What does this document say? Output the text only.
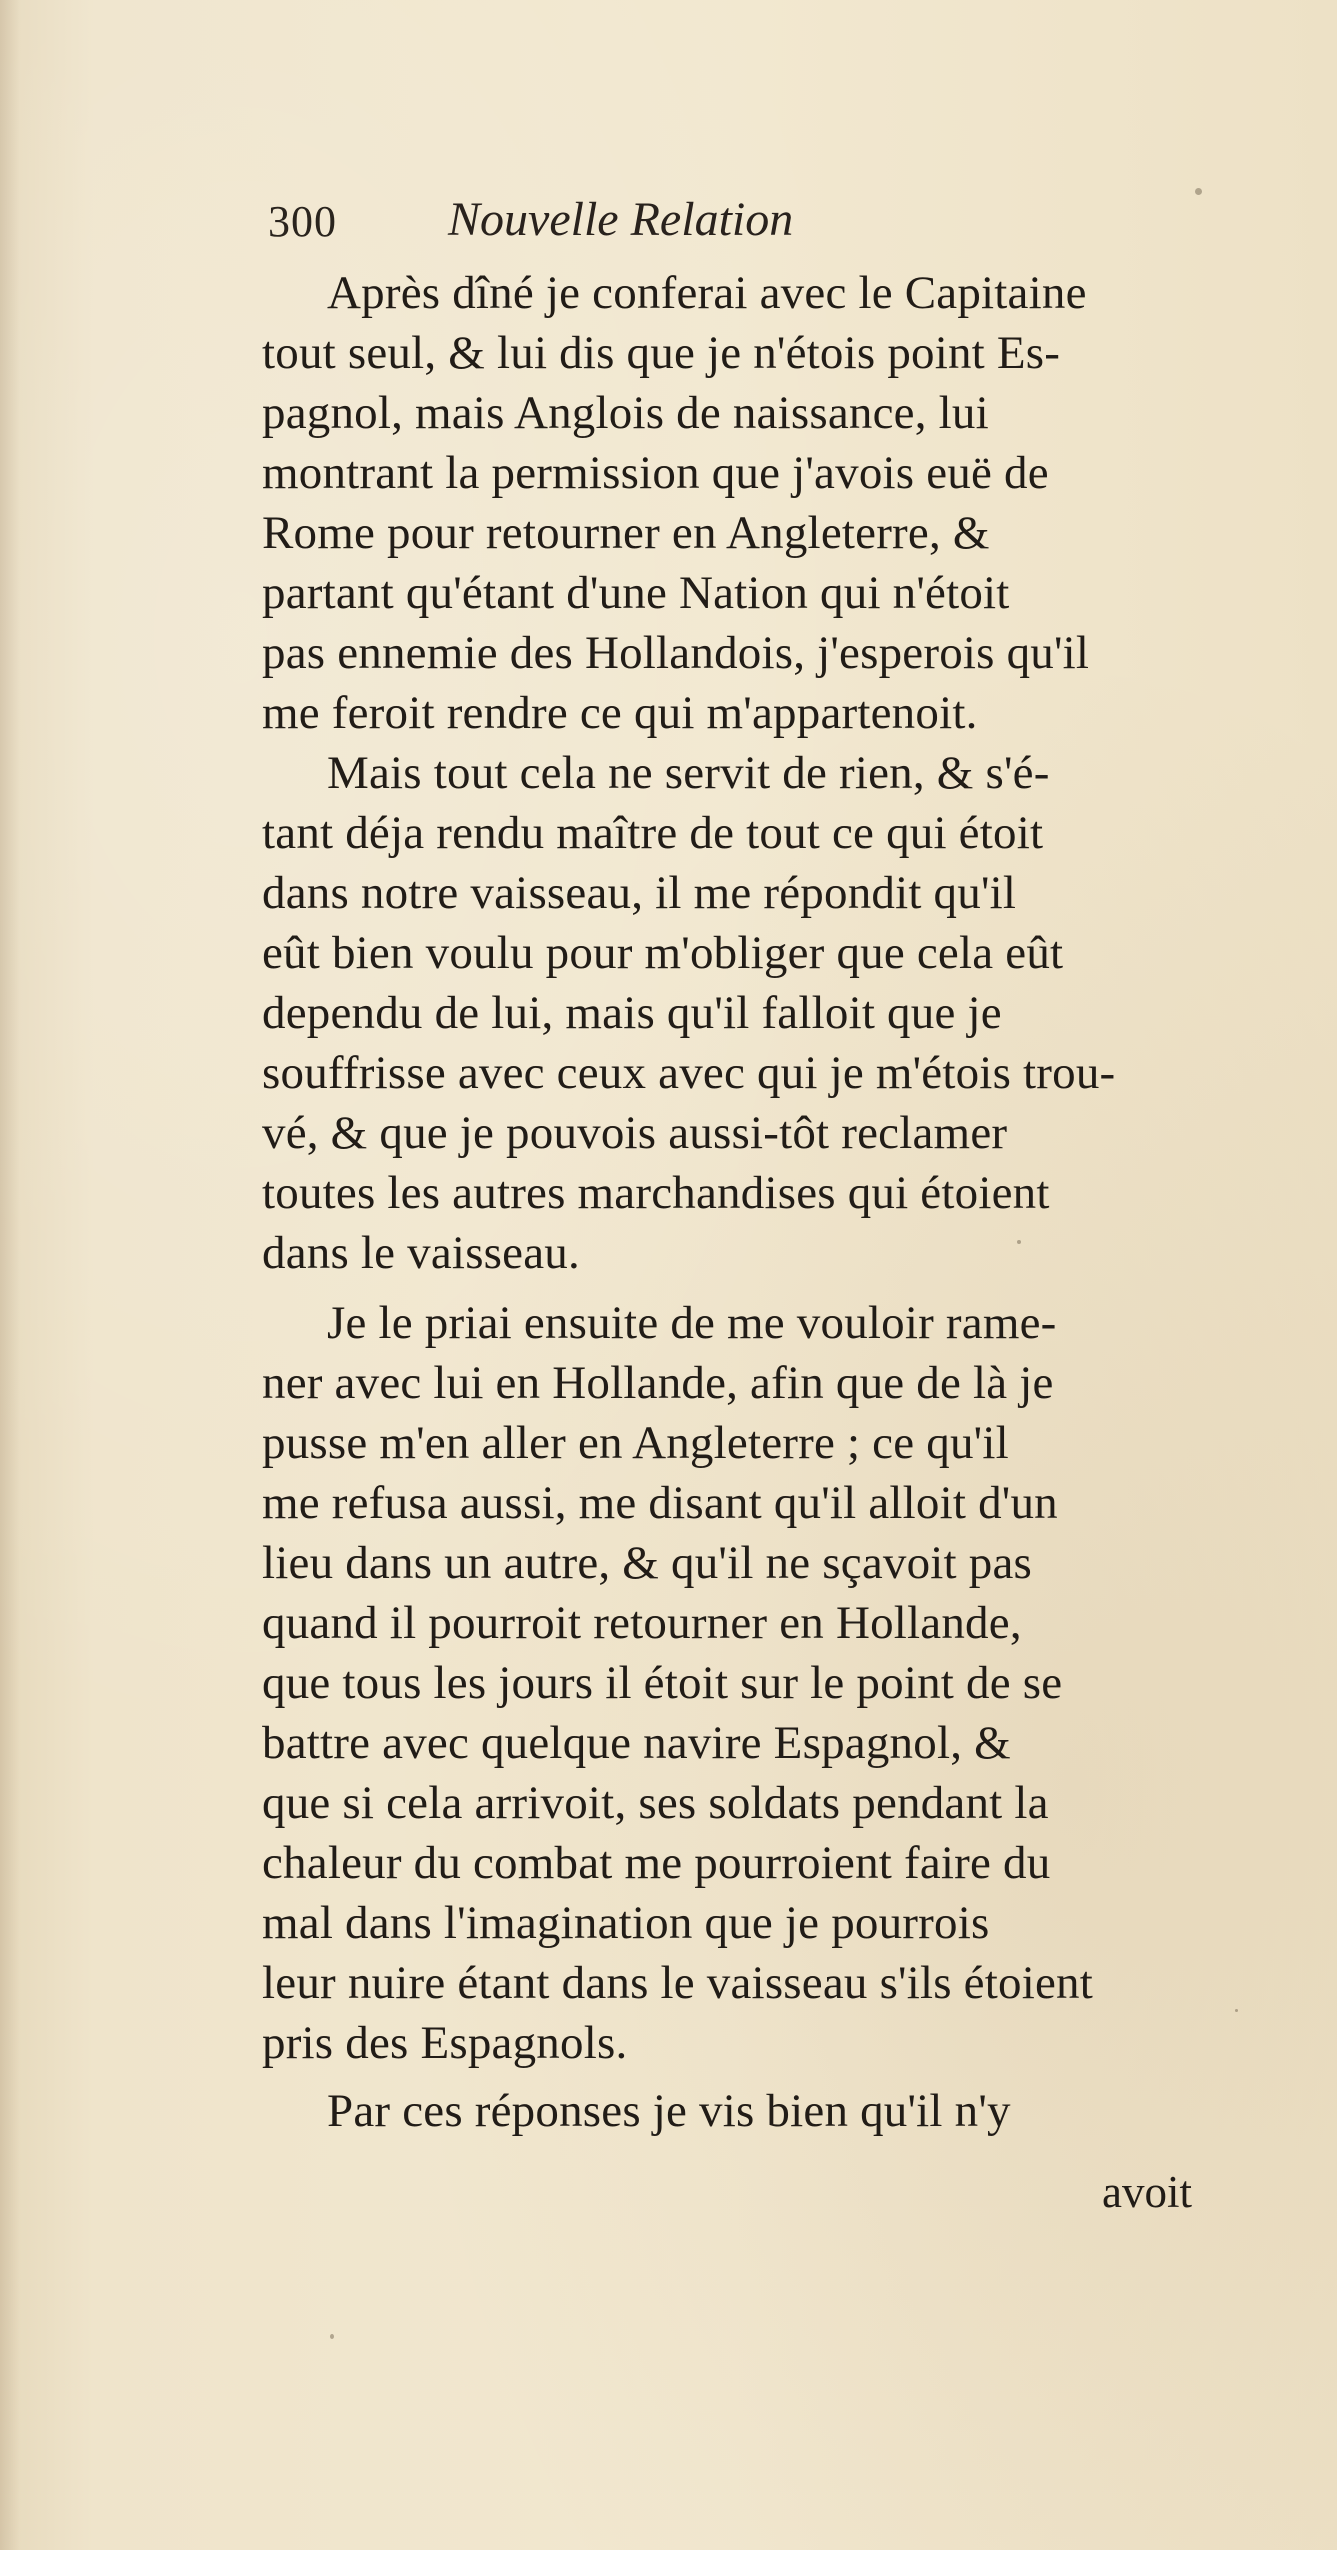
300 Nouvelle Relation
Après dîné je conferai avec le Capitaine
tout seul, & lui dis que je n'étois point Es-
pagnol, mais Anglois de naissance, lui
montrant la permission que j'avois euë de
Rome pour retourner en Angleterre, &
partant qu'étant d'une Nation qui n'étoit
pas ennemie des Hollandois, j'esperois qu'il
me feroit rendre ce qui m'appartenoit.
Mais tout cela ne servit de rien, & s'é-
tant déja rendu maître de tout ce qui étoit
dans notre vaisseau, il me répondit qu'il
eût bien voulu pour m'obliger que cela eût
dependu de lui, mais qu'il falloit que je
souffrisse avec ceux avec qui je m'étois trou-
vé, & que je pouvois aussi-tôt reclamer
toutes les autres marchandises qui étoient
dans le vaisseau.
Je le priai ensuite de me vouloir rame-
ner avec lui en Hollande, afin que de là je
pusse m'en aller en Angleterre ; ce qu'il
me refusa aussi, me disant qu'il alloit d'un
lieu dans un autre, & qu'il ne sçavoit pas
quand il pourroit retourner en Hollande,
que tous les jours il étoit sur le point de se
battre avec quelque navire Espagnol, &
que si cela arrivoit, ses soldats pendant la
chaleur du combat me pourroient faire du
mal dans l'imagination que je pourrois
leur nuire étant dans le vaisseau s'ils étoient
pris des Espagnols.
Par ces réponses je vis bien qu'il n'y
avoit
